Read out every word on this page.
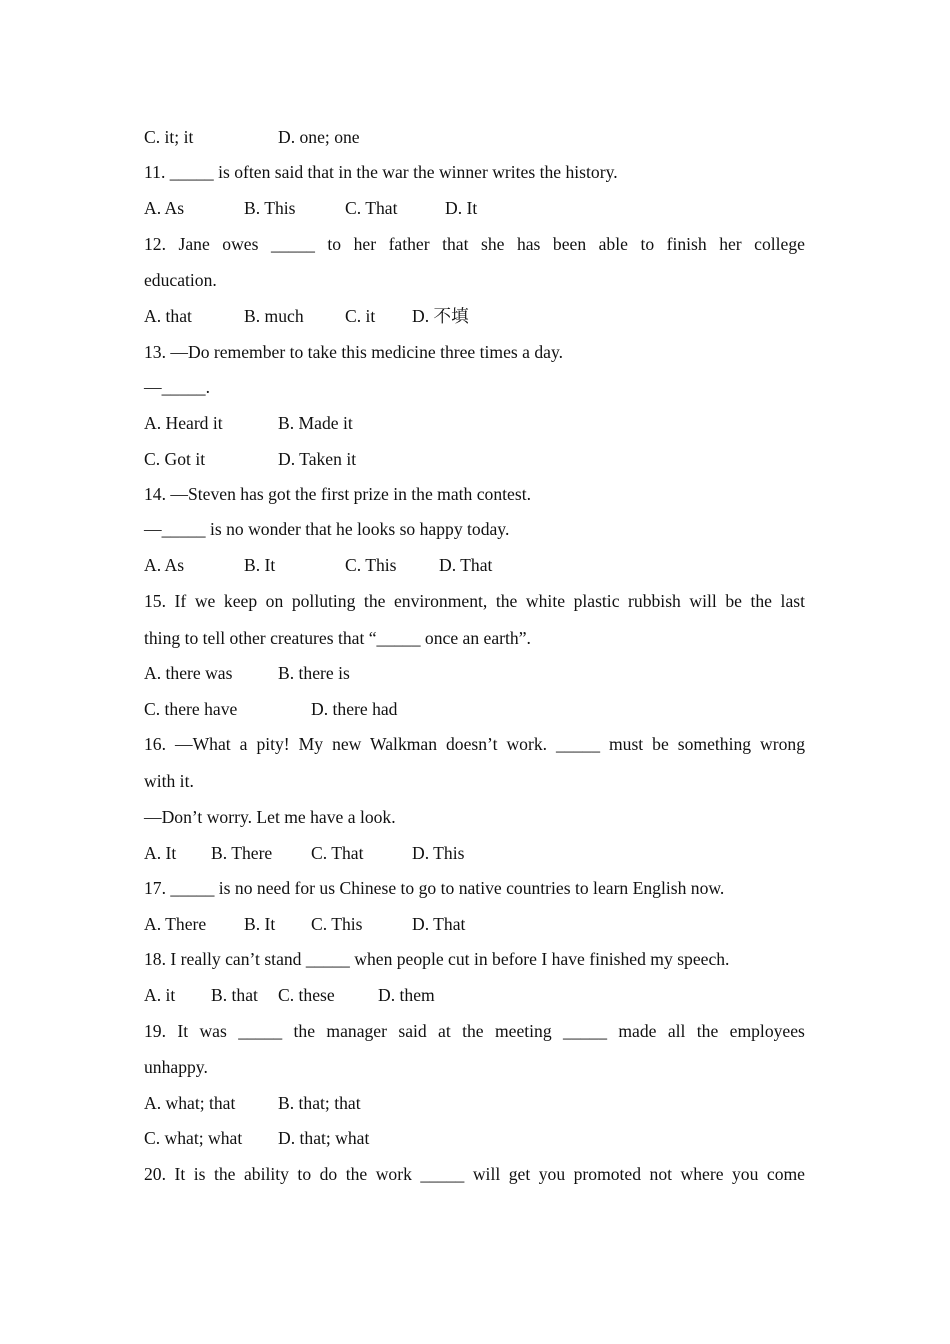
C. it; it	D. one; one
11. _____ is often said that in the war the winner writes the history.
A. As	B. This	C. That	D. It
12. Jane owes _____ to her father that she has been able to finish her college
education.
A. that	B. much C. it D. 不填
13. —Do remember to take this medicine three times a day.
—_____.
A. Heard it	B. Made it
C. Got it	D. Taken it
14. —Steven has got the first prize in the math contest.
—_____ is no wonder that he looks so happy today.
A. As	B. It	C. This D. That
15. If we keep on polluting the environment, the white plastic rubbish will be the last
thing to tell other creatures that “_____ once an earth”.
A. there was	B. there is
C. there have	D. there had
16. —What a pity! My new Walkman doesn’t work. _____ must be something wrong
with it.
—Don’t worry. Let me have a look.
A. It B. There C. That	D. This
17. _____ is no need for us Chinese to go to native countries to learn English now.
A. There B. It C. This	D. That
18. I really can’t stand _____ when people cut in before I have finished my speech.
A. it B. that C. these D. them
19. It was _____ the manager said at the meeting _____ made all the employees
unhappy.
A. what; that B. that; that
C. what; what D. that; what
20. It is the ability to do the work _____ will get you promoted not where you come
